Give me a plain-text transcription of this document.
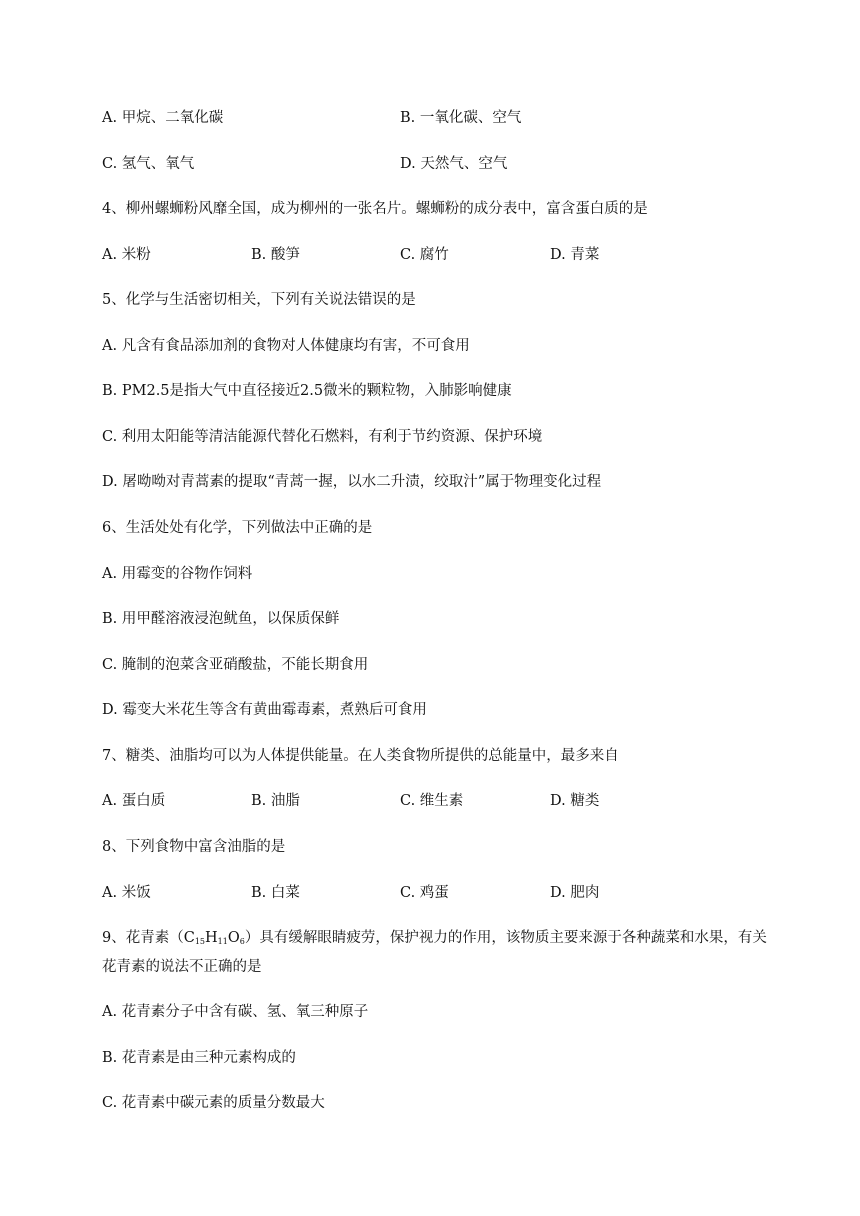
A. 甲烷、二氧化碳	B. 一氧化碳、空气
C. 氢气、氧气	D. 天然气、空气
4、柳州螺蛳粉风靡全国，成为柳州的一张名片。螺蛳粉的成分表中，富含蛋白质的是
A. 米粉	B. 酸笋	C. 腐竹	D. 青菜
5、化学与生活密切相关，下列有关说法错误的是
A. 凡含有食品添加剂的食物对人体健康均有害，不可食用
B. PM2.5是指大气中直径接近2.5微米的颗粒物，入肺影响健康
C. 利用太阳能等清洁能源代替化石燃料，有利于节约资源、保护环境
D. 屠呦呦对青蒿素的提取“青蒿一握，以水二升渍，绞取汁”属于物理变化过程
6、生活处处有化学，下列做法中正确的是
A. 用霉变的谷物作饲料
B. 用甲醛溶液浸泡鱿鱼，以保质保鲜
C. 腌制的泡菜含亚硝酸盐，不能长期食用
D. 霉变大米花生等含有黄曲霉毒素，煮熟后可食用
7、糖类、油脂均可以为人体提供能量。在人类食物所提供的总能量中，最多来自
A. 蛋白质	B. 油脂	C. 维生素	D. 糖类
8、下列食物中富含油脂的是
A. 米饭	B. 白菜	C. 鸡蛋	D. 肥肉
9、花青素$(C_{15}H_{11}O_6)$具有缓解眼睛疲劳，保护视力的作用，该物质主要来源于各种蔬菜和水果，有关
花青素的说法不正确的是
A. 花青素分子中含有碳、氢、氧三种原子
B. 花青素是由三种元素构成的
C. 花青素中碳元素的质量分数最大
